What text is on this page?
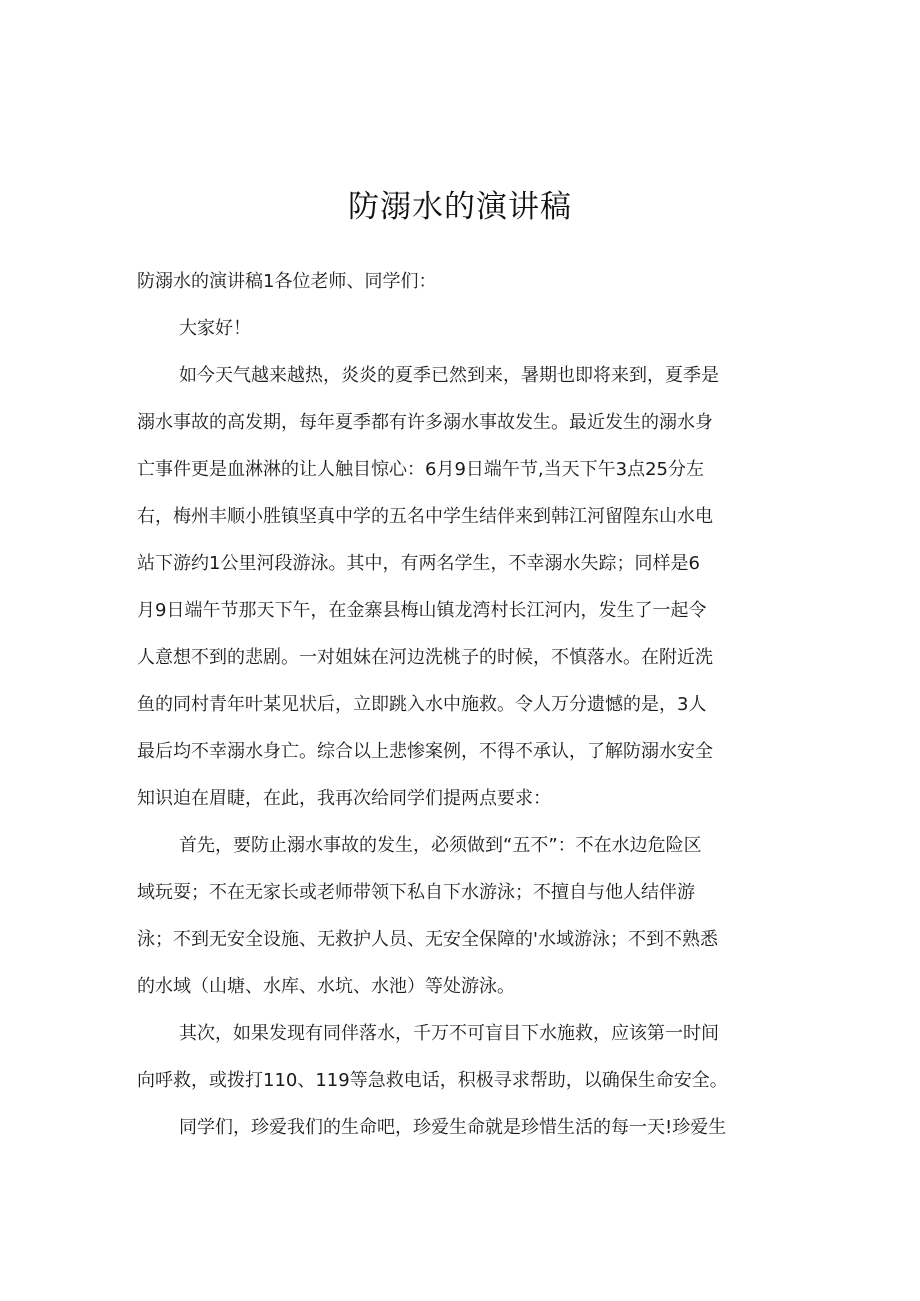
防溺水的演讲稿
防溺水的演讲稿1各位老师、同学们：
大家好！
如今天气越来越热，炎炎的夏季已然到来，暑期也即将来到，夏季是
溺水事故的高发期，每年夏季都有许多溺水事故发生。最近发生的溺水身
亡事件更是血淋淋的让人触目惊心：6月9日端午节,当天下午3点25分左
右，梅州丰顺小胜镇坚真中学的五名中学生结伴来到韩江河留隍东山水电
站下游约1公里河段游泳。其中，有两名学生，不幸溺水失踪；同样是6
月9日端午节那天下午，在金寨县梅山镇龙湾村长江河内，发生了一起令
人意想不到的悲剧。一对姐妹在河边洗桃子的时候，不慎落水。在附近洗
鱼的同村青年叶某见状后，立即跳入水中施救。令人万分遗憾的是，3人
最后均不幸溺水身亡。综合以上悲惨案例，不得不承认，了解防溺水安全
知识迫在眉睫，在此，我再次给同学们提两点要求：
首先，要防止溺水事故的发生，必须做到“五不”：不在水边危险区
域玩耍；不在无家长或老师带领下私自下水游泳；不擅自与他人结伴游
泳；不到无安全设施、无救护人员、无安全保障的'水域游泳；不到不熟悉
的水域（山塘、水库、水坑、水池）等处游泳。
其次，如果发现有同伴落水，千万不可盲目下水施救，应该第一时间
向呼救，或拨打110、119等急救电话，积极寻求帮助，以确保生命安全。
同学们，珍爱我们的生命吧，珍爱生命就是珍惜生活的每一天!珍爱生
